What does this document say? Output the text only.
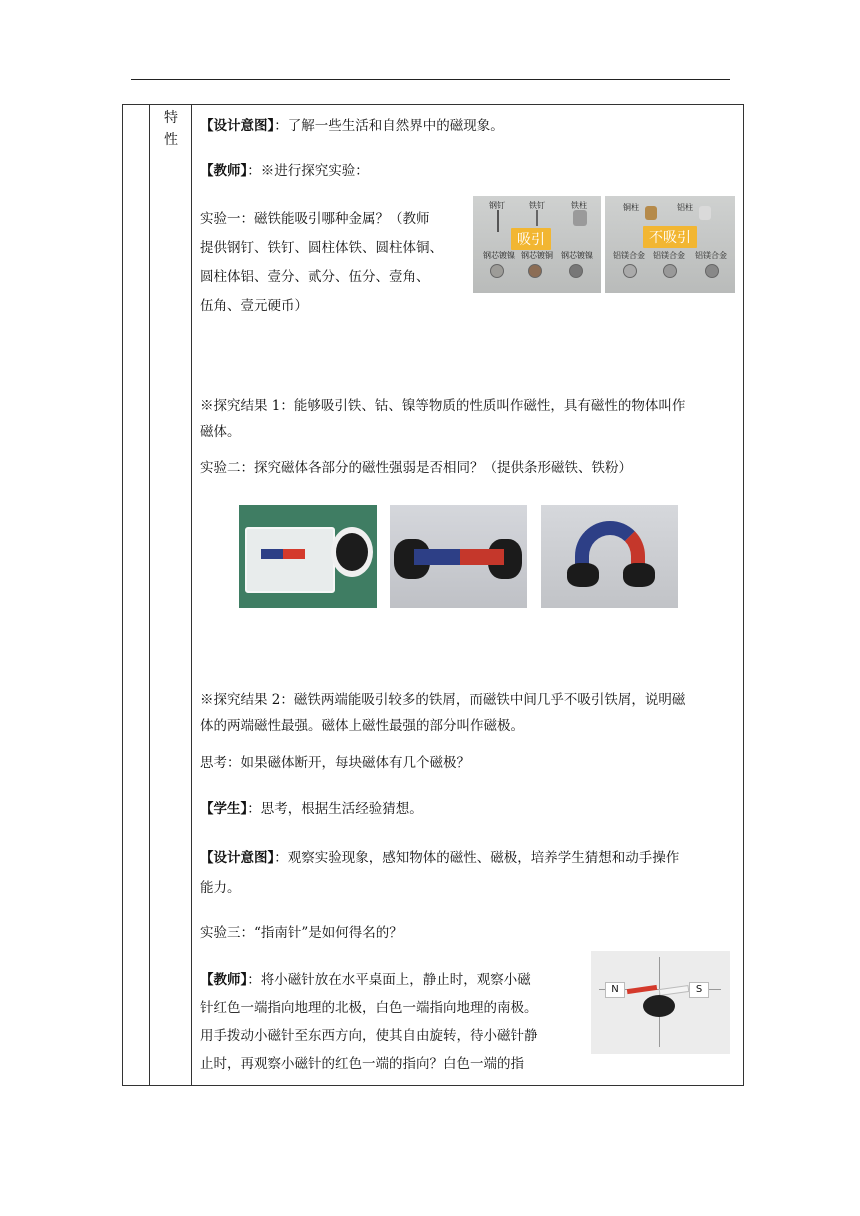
特
性
【设计意图】：了解一些生活和自然界中的磁现象。
【教师】：※进行探究实验：
实验一：磁铁能吸引哪种金属？（教师
提供钢钉、铁钉、圆柱体铁、圆柱体铜、
圆柱体铝、壹分、贰分、伍分、壹角、
伍角、壹元硬币）
钢钉	铁钉	铁柱
吸引
钢芯镀镍 钢芯镀铜 钢芯镀镍
铜柱	铝柱
不吸引
铝镁合金 铝镁合金 铝镁合金
※探究结果 1：能够吸引铁、钴、镍等物质的性质叫作磁性，具有磁性的物体叫作
磁体。
实验二：探究磁体各部分的磁性强弱是否相同？（提供条形磁铁、铁粉）
※探究结果 2：磁铁两端能吸引较多的铁屑，而磁铁中间几乎不吸引铁屑，说明磁
体的两端磁性最强。磁体上磁性最强的部分叫作磁极。
思考：如果磁体断开，每块磁体有几个磁极？
【学生】：思考，根据生活经验猜想。
【设计意图】：观察实验现象，感知物体的磁性、磁极，培养学生猜想和动手操作
能力。
实验三：“指南针”是如何得名的？
【教师】：将小磁针放在水平桌面上，静止时，观察小磁
针红色一端指向地理的北极，白色一端指向地理的南极。
用手拨动小磁针至东西方向，使其自由旋转，待小磁针静
止时，再观察小磁针的红色一端的指向？白色一端的指
N	S
